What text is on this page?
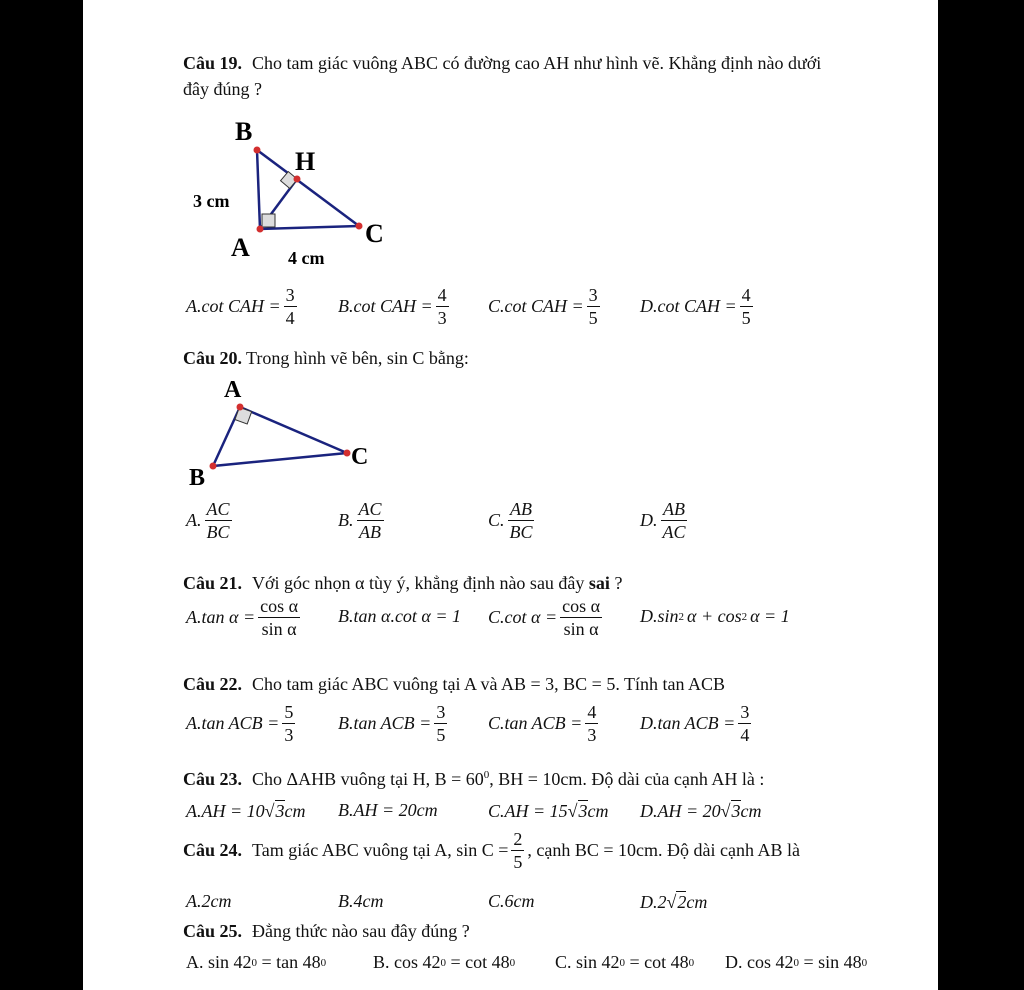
Câu 19. Cho tam giác vuông ABC có đường cao AH như hình vẽ. Khẳng định nào dưới
đây đúng ?
B
H
A	C
3 cm
4 cm
A.cot CAH = $\frac{3}{4} B.\cot$ CAH = $\frac{4}{3} C.\cot$ CAH = $\frac{3}{5} D.\cot$ CAH = $\frac{4}{5}$
Câu 20. Trong hình vẽ bên, sin C bằng:
A
B
C
A. $\frac{AC}{BC}$	B. $\frac{AC}{AB}$	C. $\frac{AB}{BC}$	D. $\frac{AB}{AC}$
Câu 21. Với góc nhọn α tùy ý, khẳng định nào sau đây sai ?
A.tan $\alpha = \frac{\text{cos α}}{\text{sin α}} B.\tan$ α.cot α = 1 C.cot $\alpha = \frac{\text{cos α}}{\text{sin α}} D.\sin$ 2 α + cos 2 α = 1
Câu 22. Cho tam giác ABC vuông tại A và AB = 3, BC = 5. Tính tan ACB
A.tan ACB = $\frac{5}{3} B.\tan$ ACB = $\frac{3}{5} C.\tan$ ACB = $\frac{4}{3} D.\tan$ ACB = $\frac{3}{4}$
Câu 23. Cho ΔAHB vuông tại H, $B = 60^0$, BH = 10cm. Độ dài của cạnh AH là :
A.AH = 10 √ 3 cm B.AH = 20cm	C.AH = 15 √ 3 cm D.AH = 20 √ 3 cm
Câu 24. Tam giác ABC vuông tại A, $\sin C = \frac{2}{5}$ , cạnh BC = 10cm. Độ dài cạnh AB là
A.2cm	B.4cm	C.6cm	D.2 √ 2 cm
Câu 25. Đẳng thức nào sau đây đúng ?
A. sin 42 0 = tan 48 0	B. cos 42 0 = cot 48 0 C. sin 42 0 = cot 48 0 D. cos 42 0 = sin 48 0
